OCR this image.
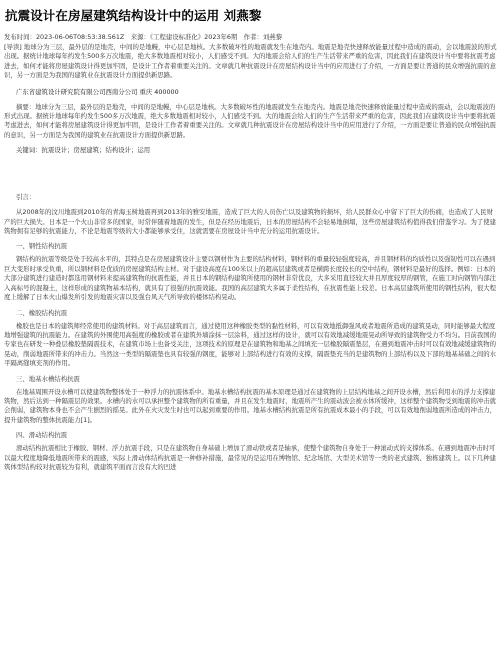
抗震设计在房屋建筑结构设计中的运用 刘燕黎
发布时间：2023-06-06T08:53:38.561Z　来源：《工程建设标准化》2023年6期　作者：刘燕黎
[导读] 地球分为三层，最外层的是地壳，中间的是地幔，中心层是地核。大多数破坏性的地震就发生在地壳内。地震是地壳快速释放能量过程中造成的震动，会以地震波的形式出现。据统计地球每年约发生500多万次地震，绝大多数地震相对较小，人们感受不到。大的地震会给人们的生产生活带来严重的危害，因此我们在建筑设计当中要将抗震考虑进去，如何才能将房屋建筑设计得更加牢固，是设计工作者着重要关注的。文章就几种抗震设计在房屋结构设计当中的应用进行了介绍，一方面是要让普通的民众增强抗震的意识，另一方面是为我国的建筑业在抗震设计方面提供新思路。
广东省建筑设计研究院有限公司西南分公司 重庆 400000
摘要：地球分为三层，最外层的是地壳，中间的是地幔，中心层是地核。大多数破坏性的地震就发生在地壳内。地震是地壳快速释放能量过程中造成的震动，会以地震波的形式出现。据统计地球每年约发生500多万次地震，绝大多数地震相对较小，人们感受不到。大的地震会给人们的生产生活带来严重的危害，因此我们在建筑设计当中要将抗震考虑进去，如何才能将房屋建筑设计得更加牢固，是设计工作者着重要关注的。文章就几种抗震设计在房屋结构设计当中的应用进行了介绍，一方面是要让普通的民众增强抗震的意识，另一方面是为我国的建筑业在抗震设计方面提供新思路。
关键词：抗震设计；房屋建筑；结构设计；运用
引言：
从2008年的汶川地震到2010年的青海玉树地震再到2013年的雅安地震，造成了巨大的人员伤亡以及建筑物的损坏，给人民群众心中留下了巨大的伤痛，也造成了人民财产的巨大损失。日本是一个火山非常多的国家，时常伴随着地震的发生，但是在经历地震后，日本的房屋结构不会轻易地倒塌，这些房屋建筑结构值得我们借鉴学习。为了使建筑物拥有足够的抗震能力，不论是地震等级的大小都能够承受住，这就需要在房屋设计当中充分的运用抗震设计。
一、钢性结构抗震
钢结构的抗震等级是处于较高水平的，其特点是在房屋建筑设计主要以钢材作为主要的结构材料，钢材料的重量较轻强度较高，并且钢材料的均质性以及强韧性可以在遇到巨大变形时承受负重，所以钢材料是优质的房屋建筑结构主材。对于建设高度在100米以上的超高层建筑或者是横跨长度较长的空中结构，钢材料是最好的选择。例如：日本的大部分建筑进行建造时都选用钢材料来提高建筑物的抗震性能，并且日本的钢结构建筑所使用的钢材非常优良，大多采用直径较大并且厚度较厚的钢管，在施工时向钢管内部注入高标号的混凝土，这样形成的建筑物基本结构，就具有了很强的抗震效能。我国的高层建筑大多属于柔性结构，在抗震性能上较差。日本高层建筑所使用的钢性结构，很大程度上缓解了日本火山爆发所引发的地震灾害以及强台风天气所导致的楼体结构晃动。
二、橡胶结构抗震
橡胶也是日本的建筑师经常使用的建筑材料。对于高层建筑而言，通过使用这种橡胶类型的黏性材料，可以有效地抵御强风或者地震所造成的建筑晃动，同时能够最大程度地增强建筑的抗震能力。在建筑的外围使用高强度的橡胶或者在建筑外墙涂抹一层涂料，通过这样的设计，就可以有效地减缓地震晃动所导致的建筑物受力不均匀。目前我国的专家也在研发一种叠层橡胶垫隔震技术，在建筑市场上也备受关注，这项技术的原理是在建筑物和地基之间填充一层橡胶隔震垫层，在遇到地震冲击时可以有效地减缓建筑物的晃动，削弱地震所带来的冲击力。当然这一类型的隔震垫也具有较强的钢度，能够对上部结构进行有效的支撑，隔震垫充当的是建筑物的上部结构以及下部的地基基础之间的水平隔离缝填充剂的作用。
三、地基水槽结构抗震
在地基周围开设水槽可以使建筑物整体处于一种浮力的抗震体系中。地基水槽结构抗震的基本原理是通过在建筑物的上层结构地基之间开设水槽，然后利用水的浮力支撑建筑物，然后达到一种隔震层的效果。水槽内的水可以承担整个建筑物的所有重量，并且在发生地震时，地震所产生的震动波会被水体所缓冲，这样整个建筑物受到地震的冲击就会削弱，建筑物本身也不会产生剧烈的摇晃。此外在火灾发生时也可以起到重要的作用。地基水槽结构抗震是所有抗震成本最小的手段，可以有效地削弱地震所造成的冲击力，提升建筑物的整体抗震能力[1]。
四、滑动结构抗震
滑动结构抗震相比于橡胶、钢材、浮力抗震手段，只是在建筑物自身基础上增加了滑动铁或者是轴承，使整个建筑物自身处于一种滚动式的支撑体系。在遇到地震冲击时可以最大程度地降低地震所带来的震感，实际上滑动体结构抗震是一种修补措施，最常见的是运用在博物馆、纪念场馆、大型美术馆等一类的老式建筑、独栋建筑上。以下几种建筑体型结构较对抗震较为有利，就建筑平面而言没有大的凹进
